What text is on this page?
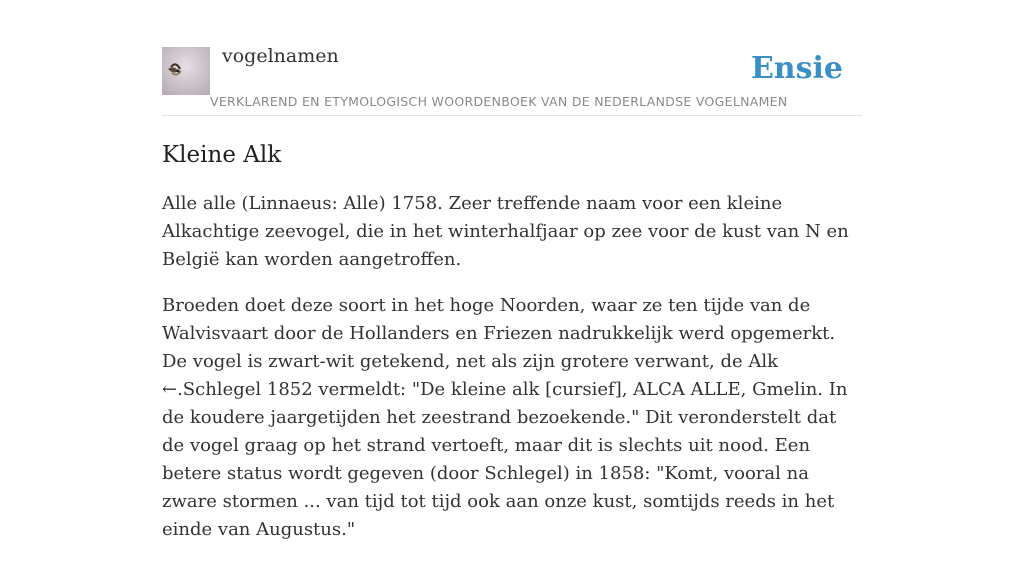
vogelnamen
VERKLAREND EN ETYMOLOGISCH WOORDENBOEK VAN DE NEDERLANDSE VOGELNAMEN
Ensie
Kleine Alk

Alle alle (Linnaeus: Alle) 1758. Zeer treffende naam voor een kleine Alkachtige zeevogel, die in het winterhalfjaar op zee voor de kust van N en België kan worden aangetroffen.

Broeden doet deze soort in het hoge Noorden, waar ze ten tijde van de Walvisvaart door de Hollanders en Friezen nadrukkelijk werd opgemerkt. De vogel is zwart-wit getekend, net als zijn grotere verwant, de Alk ←.Schlegel 1852 vermeldt: "De kleine alk [cursief], ALCA ALLE, Gmelin. In de koudere jaargetijden het zeestrand bezoekende." Dit veronderstelt dat de vogel graag op het strand vertoeft, maar dit is slechts uit nood. Een betere status wordt gegeven (door Schlegel) in 1858: "Komt, vooral na zware stormen ... van tijd tot tijd ook aan onze kust, somtijds reeds in het einde van Augustus."
